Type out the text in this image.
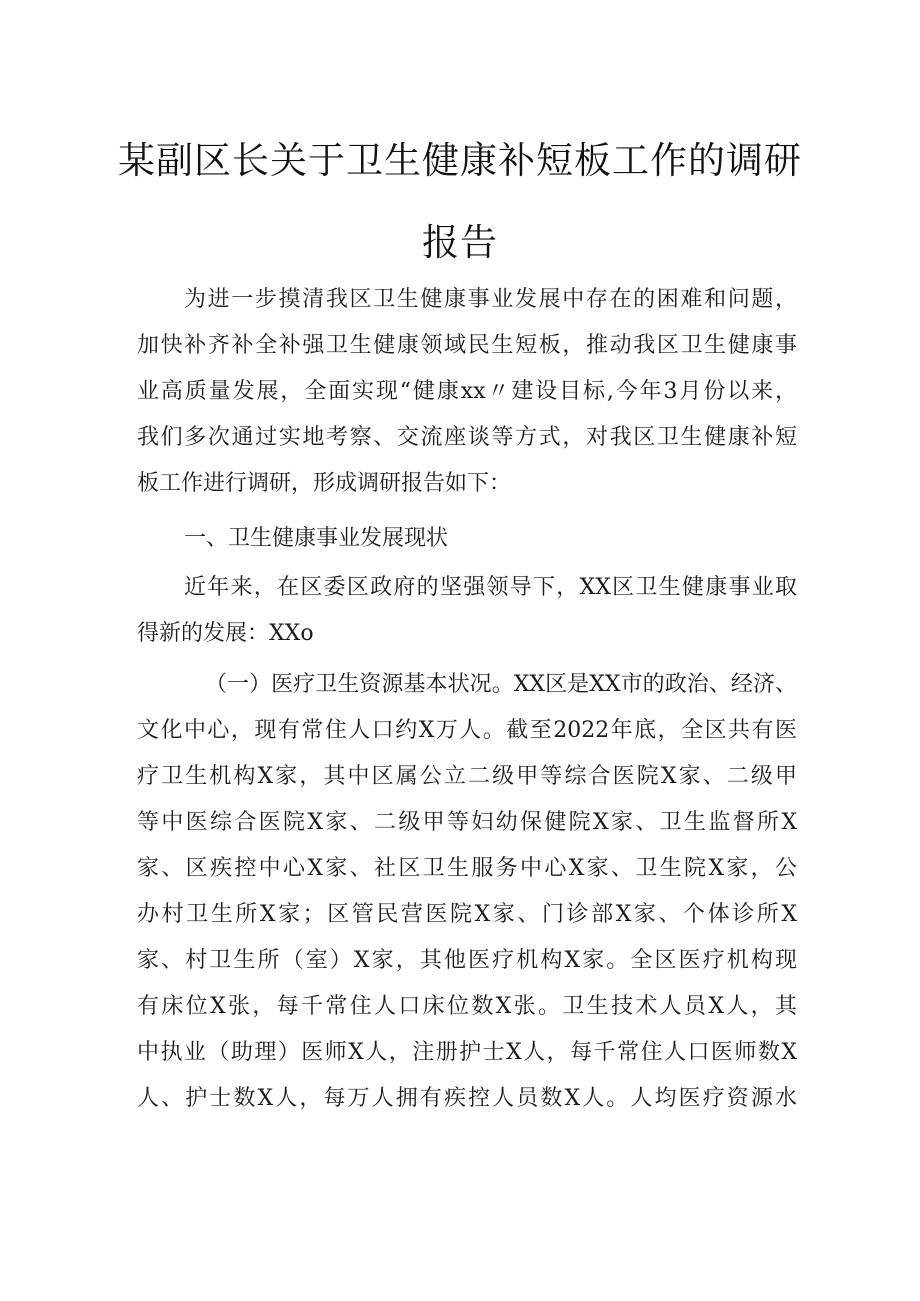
某副区长关于卫生健康补短板工作的调研
报告
为进一步摸清我区卫生健康事业发展中存在的困难和问题，
加快补齐补全补强卫生健康领域民生短板，推动我区卫生健康事
业高质量发展，全面实现“健康xx〃建设目标,今年3月份以来，
我们多次通过实地考察、交流座谈等方式，对我区卫生健康补短
板工作进行调研，形成调研报告如下：
一、卫生健康事业发展现状
近年来，在区委区政府的坚强领导下，XX区卫生健康事业取
得新的发展：XXo
（一）医疗卫生资源基本状况。XX区是XX市的政治、经济、
文化中心，现有常住人口约X万人。截至2022年底，全区共有医
疗卫生机构X家，其中区属公立二级甲等综合医院X家、二级甲
等中医综合医院X家、二级甲等妇幼保健院X家、卫生监督所X
家、区疾控中心X家、社区卫生服务中心X家、卫生院X家，公
办村卫生所X家；区管民营医院X家、门诊部X家、个体诊所X
家、村卫生所（室）X家，其他医疗机构X家。全区医疗机构现
有床位X张，每千常住人口床位数X张。卫生技术人员X人，其
中执业（助理）医师X人，注册护士X人，每千常住人口医师数X
人、护士数X人，每万人拥有疾控人员数X人。人均医疗资源水
